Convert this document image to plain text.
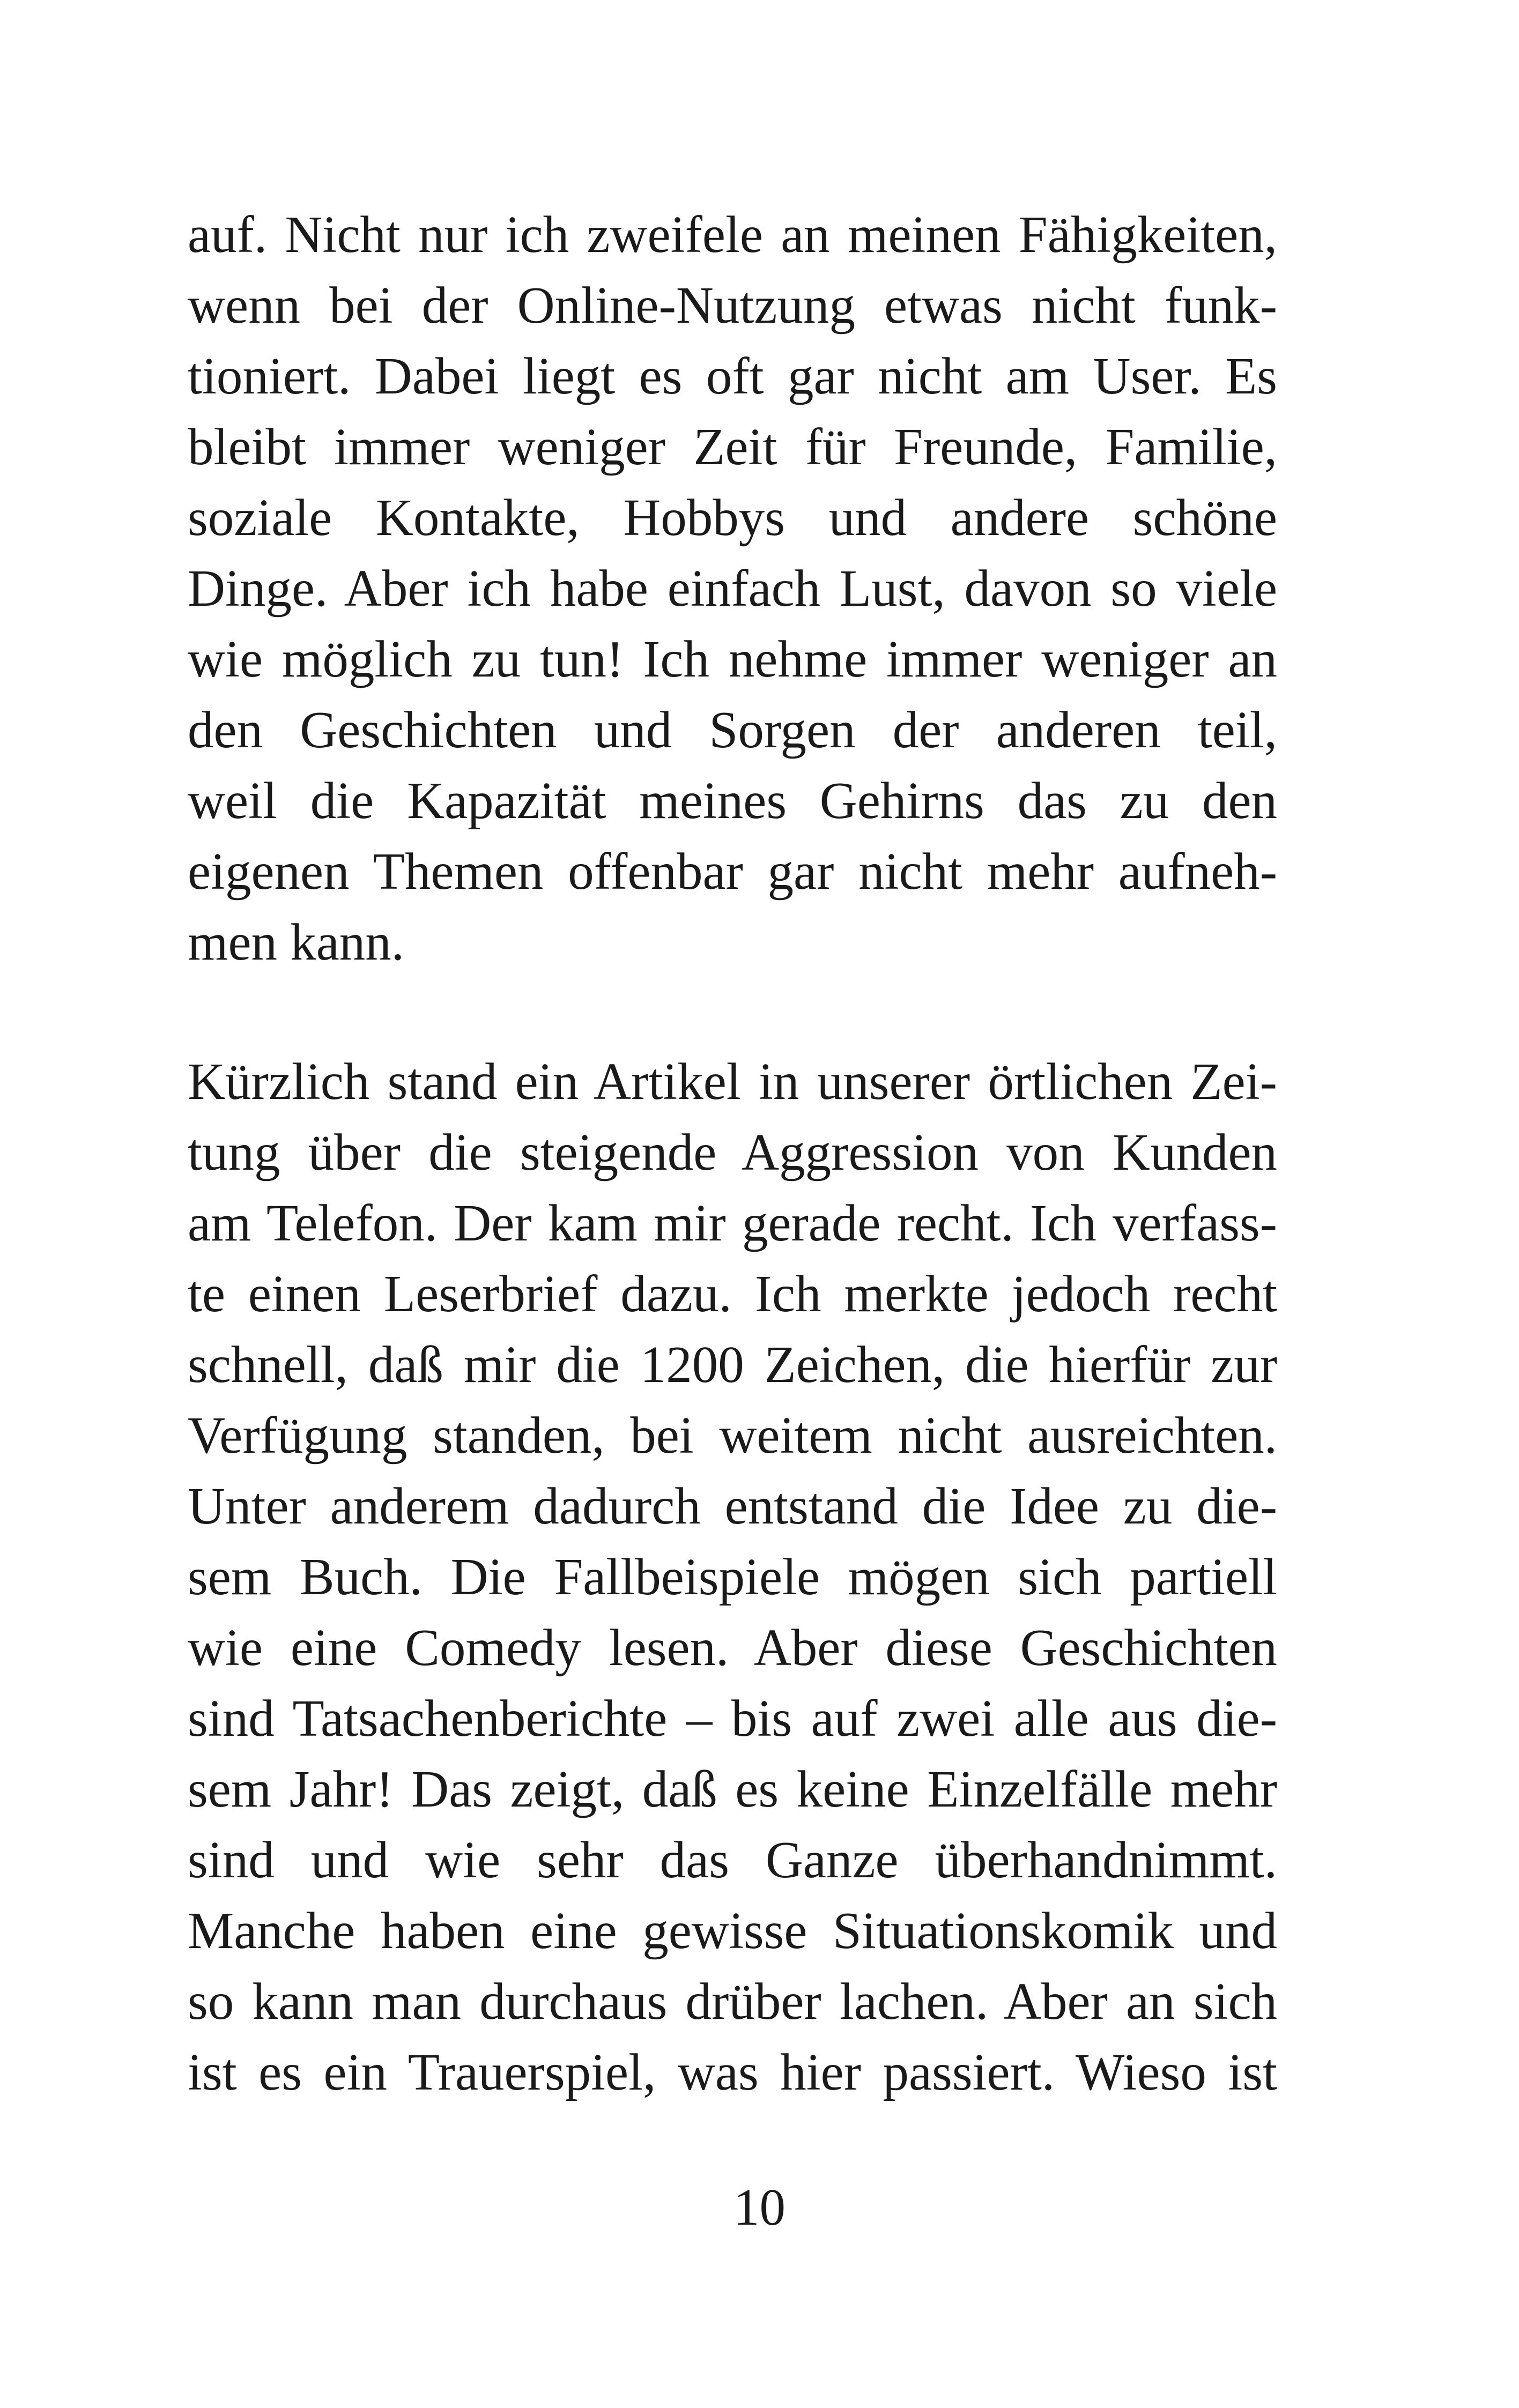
auf. Nicht nur ich zweifele an meinen Fähigkeiten,
wenn bei der Online-Nutzung etwas nicht funk-
tioniert. Dabei liegt es oft gar nicht am User. Es
bleibt immer weniger Zeit für Freunde, Familie,
soziale Kontakte, Hobbys und andere schöne
Dinge. Aber ich habe einfach Lust, davon so viele
wie möglich zu tun! Ich nehme immer weniger an
den Geschichten und Sorgen der anderen teil,
weil die Kapazität meines Gehirns das zu den
eigenen Themen offenbar gar nicht mehr aufneh-
men kann.
Kürzlich stand ein Artikel in unserer örtlichen Zei-
tung über die steigende Aggression von Kunden
am Telefon. Der kam mir gerade recht. Ich verfass-
te einen Leserbrief dazu. Ich merkte jedoch recht
schnell, daß mir die 1200 Zeichen, die hierfür zur
Verfügung standen, bei weitem nicht ausreichten.
Unter anderem dadurch entstand die Idee zu die-
sem Buch. Die Fallbeispiele mögen sich partiell
wie eine Comedy lesen. Aber diese Geschichten
sind Tatsachenberichte – bis auf zwei alle aus die-
sem Jahr! Das zeigt, daß es keine Einzelfälle mehr
sind und wie sehr das Ganze überhandnimmt.
Manche haben eine gewisse Situationskomik und
so kann man durchaus drüber lachen. Aber an sich
ist es ein Trauerspiel, was hier passiert. Wieso ist
10
